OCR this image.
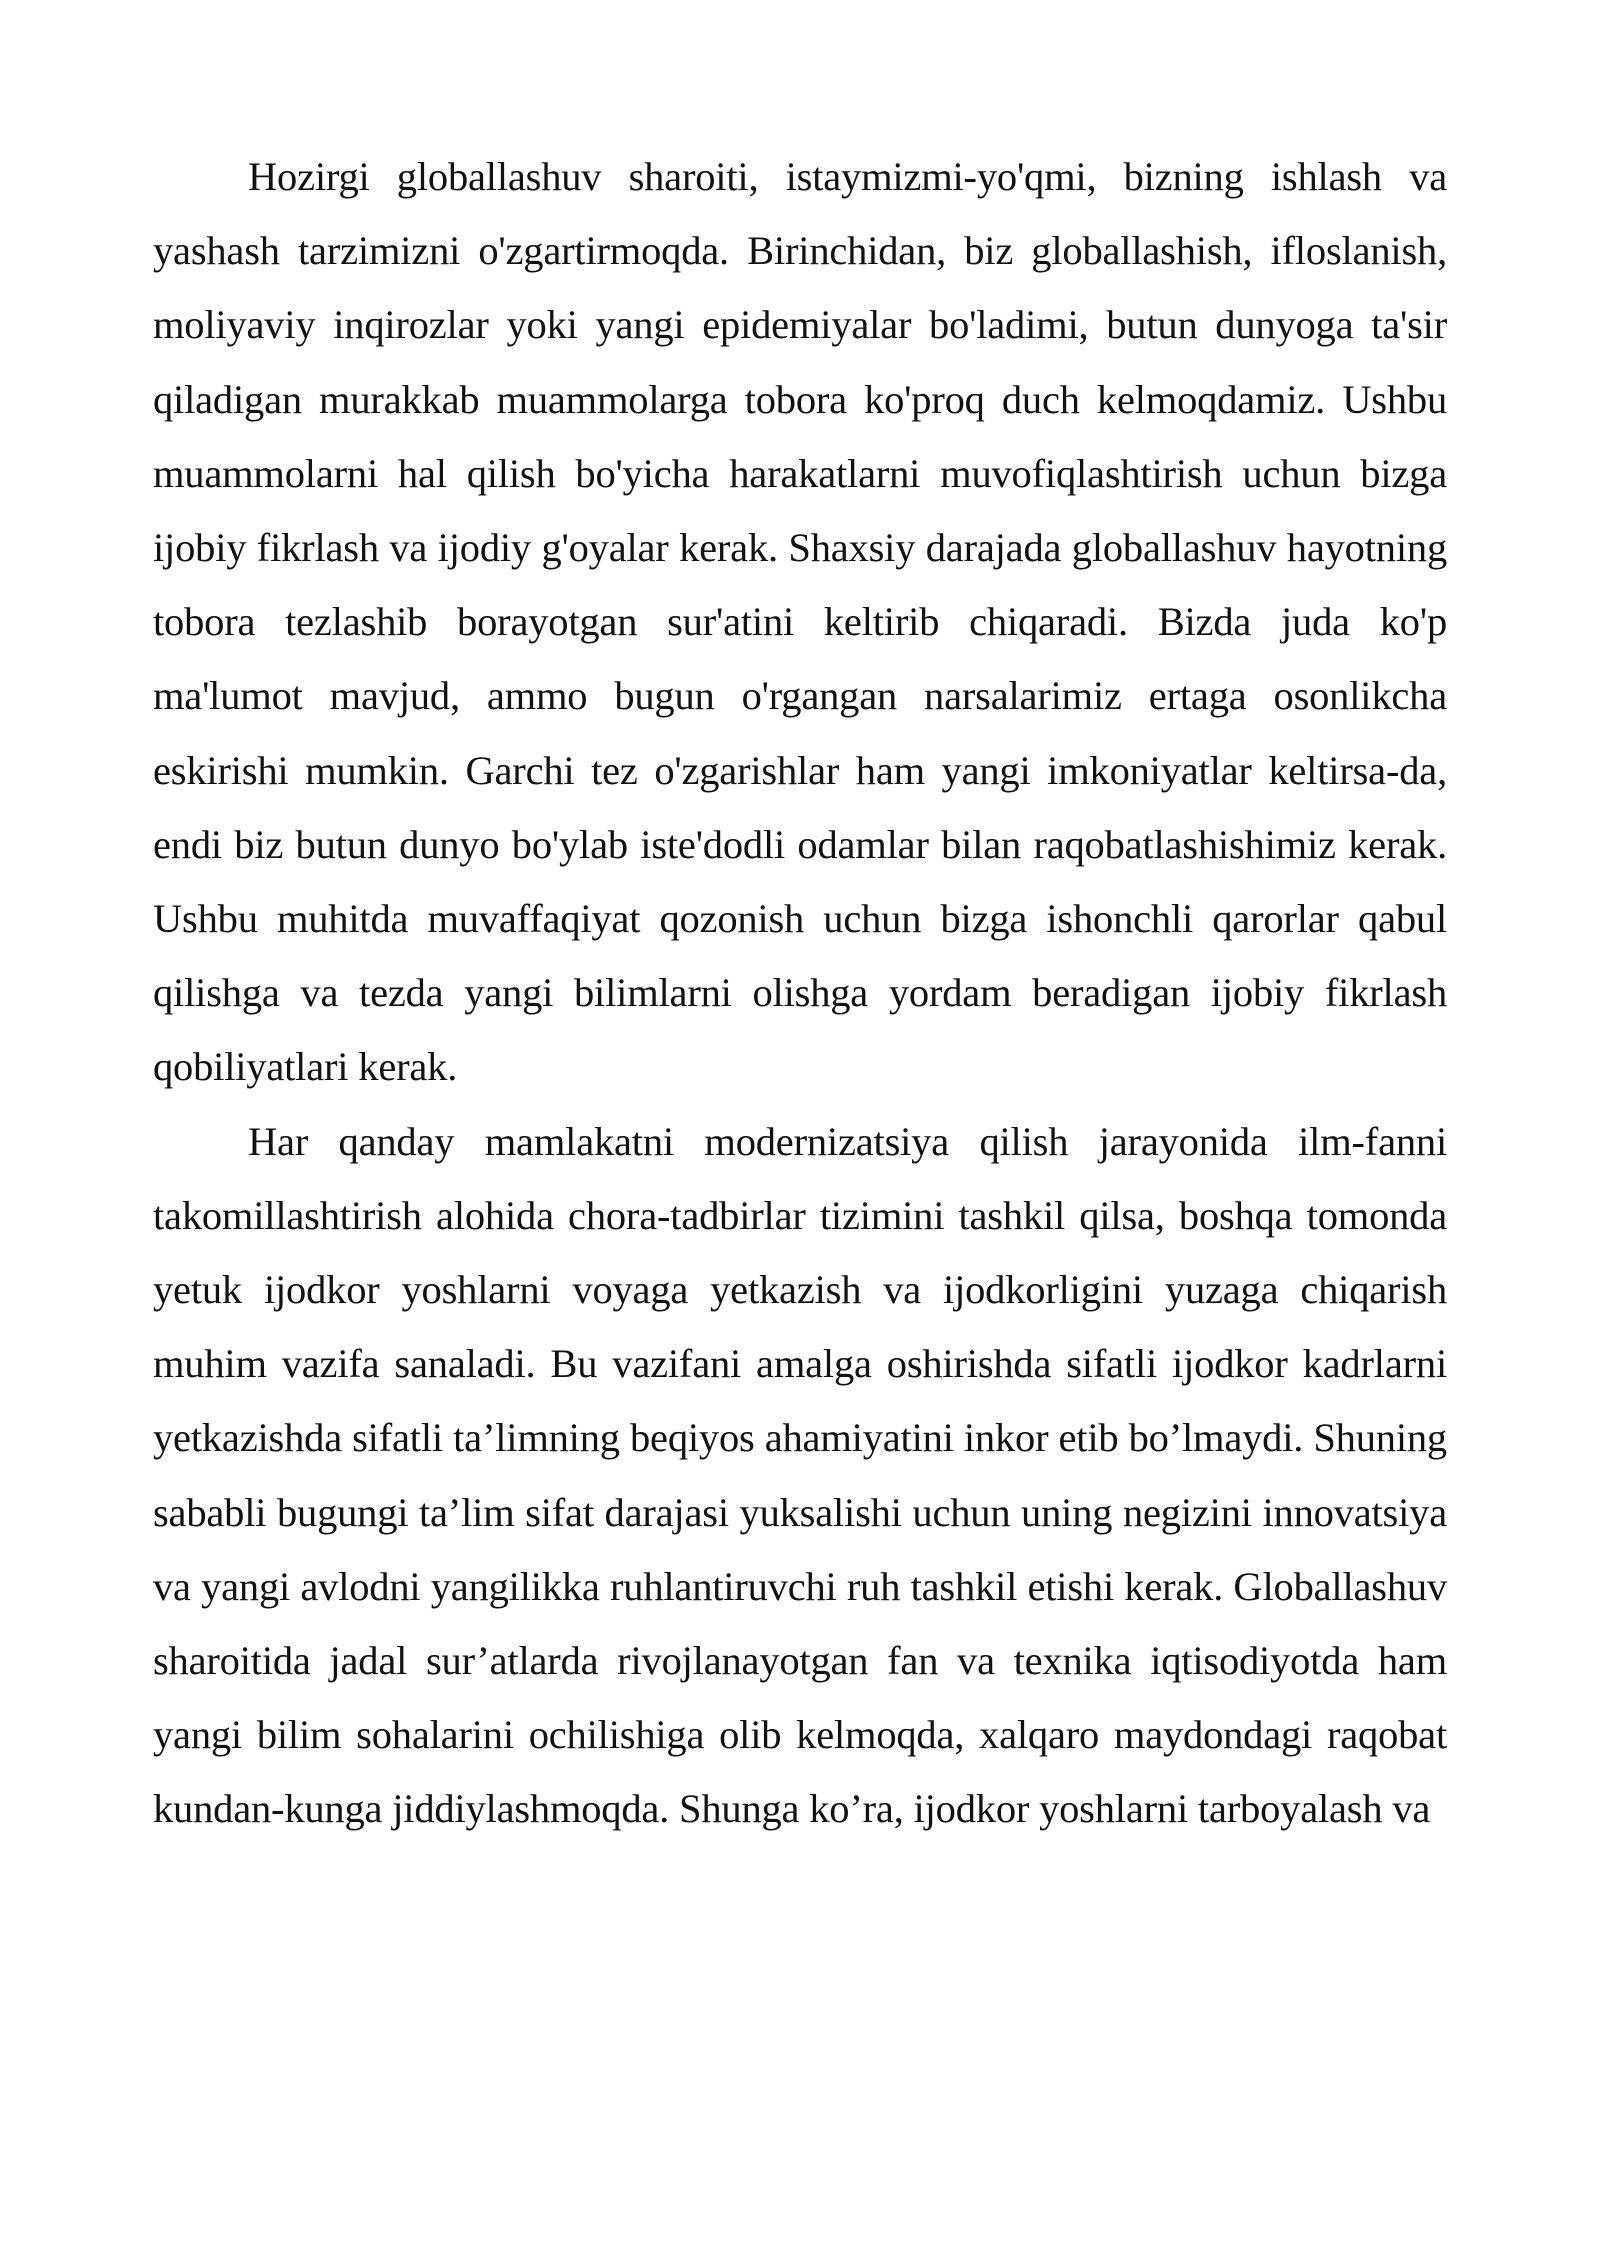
Hozirgi globallashuv sharoiti, istaymizmi-yo'qmi, bizning ishlash va yashash tarzimizni o'zgartirmoqda. Birinchidan, biz globallashish, ifloslanish, moliyaviy inqirozlar yoki yangi epidemiyalar bo'ladimi, butun dunyoga ta'sir qiladigan murakkab muammolarga tobora ko'proq duch kelmoqdamiz. Ushbu muammolarni hal qilish bo'yicha harakatlarni muvofiqlashtirish uchun bizga ijobiy fikrlash va ijodiy g'oyalar kerak. Shaxsiy darajada globallashuv hayotning tobora tezlashib borayotgan sur'atini keltirib chiqaradi. Bizda juda ko'p ma'lumot mavjud, ammo bugun o'rgangan narsalarimiz ertaga osonlikcha eskirishi mumkin. Garchi tez o'zgarishlar ham yangi imkoniyatlar keltirsa-da, endi biz butun dunyo bo'ylab iste'dodli odamlar bilan raqobatlashishimiz kerak. Ushbu muhitda muvaffaqiyat qozonish uchun bizga ishonchli qarorlar qabul qilishga va tezda yangi bilimlarni olishga yordam beradigan ijobiy fikrlash qobiliyatlari kerak.

Har qanday mamlakatni modernizatsiya qilish jarayonida ilm-fanni takomillashtirish alohida chora-tadbirlar tizimini tashkil qilsa, boshqa tomonda yetuk ijodkor yoshlarni voyaga yetkazish va ijodkorligini yuzaga chiqarish muhim vazifa sanaladi. Bu vazifani amalga oshirishda sifatli ijodkor kadrlarni yetkazishda sifatli ta’limning beqiyos ahamiyatini inkor etib bo’lmaydi. Shuning sababli bugungi ta’lim sifat darajasi yuksalishi uchun uning negizini innovatsiya va yangi avlodni yangilikka ruhlantiruvchi ruh tashkil etishi kerak. Globallashuv sharoitida jadal sur’atlarda rivojlanayotgan fan va texnika iqtisodiyotda ham yangi bilim sohalarini ochilishiga olib kelmoqda, xalqaro maydondagi raqobat kundan-kunga jiddiylashmoqda. Shunga ko’ra, ijodkor yoshlarni tarboyalash va
